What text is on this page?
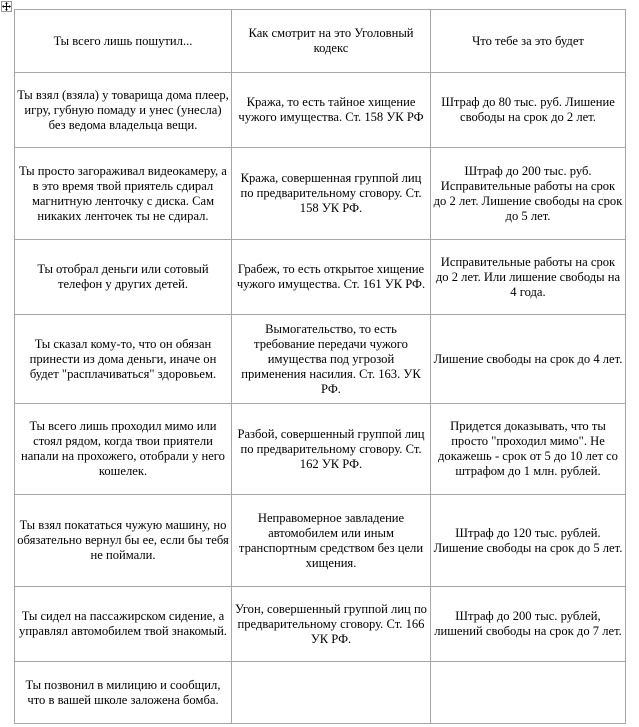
Ты всего лишь пошутил...	Как смотрит на это Уголовный кодекс	Что тебе за это будет
Ты взял (взяла) у товарища дома плеер, игру, губную помаду и унес (унесла) без ведома владельца вещи.	Кража, то есть тайное хищение чужого имущества. Ст. 158 УК РФ	Штраф до 80 тыс. руб. Лишение свободы на срок до 2 лет.
Ты просто загораживал видеокамеру, а в это время твой приятель сдирал магнитную ленточку с диска. Сам никаких ленточек ты не сдирал.	Кража, совершенная группой лиц по предварительному сговору. Ст. 158 УК РФ.	Штраф до 200 тыс. руб. Исправительные работы на срок до 2 лет. Лишение свободы на срок до 5 лет.
Ты отобрал деньги или сотовый телефон у других детей.	Грабеж, то есть открытое хищение чужого имущества. Ст. 161 УК РФ.	Исправительные работы на срок до 2 лет. Или лишение свободы на 4 года.
Ты сказал кому-то, что он обязан принести из дома деньги, иначе он будет "расплачиваться" здоровьем.	Вымогательство, то есть требование передачи чужого имущества под угрозой применения насилия. Ст. 163. УК РФ.	Лишение свободы на срок до 4 лет.
Ты всего лишь проходил мимо или стоял рядом, когда твои приятели напали на прохожего, отобрали у него кошелек.	Разбой, совершенный группой лиц по предварительному сговору. Ст. 162 УК РФ.	Придется доказывать, что ты просто "проходил мимо". Не докажешь - срок от 5 до 10 лет со штрафом до 1 млн. рублей.
Ты взял покататься чужую машину, но обязательно вернул бы ее, если бы тебя не поймали.	Неправомерное завладение автомобилем или иным транспортным средством без цели хищения.	Штраф до 120 тыс. рублей. Лишение свободы на срок до 5 лет.
Ты сидел на пассажирском сидение, а управлял автомобилем твой знакомый.	Угон, совершенный группой лиц по предварительному сговору. Ст. 166 УК РФ.	Штраф до 200 тыс. рублей, лишений свободы на срок до 7 лет.
Ты позвонил в милицию и сообщил, что в вашей школе заложена бомба.		
